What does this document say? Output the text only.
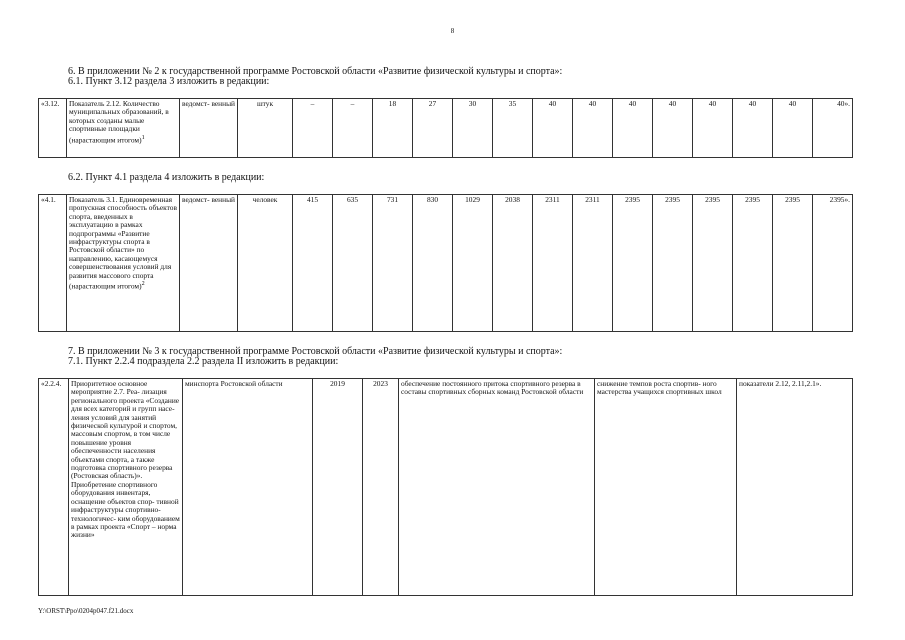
8
6. В приложении № 2 к государственной программе Ростовской области «Развитие физической культуры и спорта»:
6.1. Пункт 3.12 раздела 3 изложить в редакции:
«3.12.	Показатель 2.12. Количество муниципальных образований, в которых созданы малые спортивные площадки (нарастающим итогом)$^1$	ведомст- венный	штук	–	–	18	27	30	35	40	40	40	40	40	40	40	40».
6.2. Пункт 4.1 раздела 4 изложить в редакции:
«4.1.	Показатель 3.1. Единовременная пропускная способность объектов спорта, введенных в эксплуатацию в рамках подпрограммы «Развитие инфраструктуры спорта в Ростовской области» по направлению, касающемуся совершенствования условий для развития массового спорта (нарастающим итогом)$^2$	ведомст- венный	человек	415	635	731	830	1029	2038	2311	2311	2395	2395	2395	2395	2395	2395».
7. В приложении № 3 к государственной программе Ростовской области «Развитие физической культуры и спорта»:
7.1. Пункт 2.2.4 подраздела 2.2 раздела II изложить в редакции:
«2.2.4.	Приоритетное основное мероприятие 2.7. Реа- лизация регионального проекта «Создание для всех категорий и групп насе- ления условий для занятий физической культурой и спортом, массовым спортом, в том числе повышение уровня обеспеченности населения объектами спорта, а также подготовка спортивного резерва (Ростовская область)». Приобретение спортивного оборудования инвентаря, оснащение объектов спор- тивной инфраструктуры спортивно-технологичес- ким оборудованием в рамках проекта «Спорт – норма жизни»	минспорта Ростовской области	2019	2023	обеспечение постоянного притока спортивного резерва в составы спортивных сборных команд Ростовской области	снижение темпов роста спортив- ного мастерства учащихся спортивных школ	показатели 2.12, 2.11,2.1».
Y:\ORST\Ppo\0204p047.f21.docx
